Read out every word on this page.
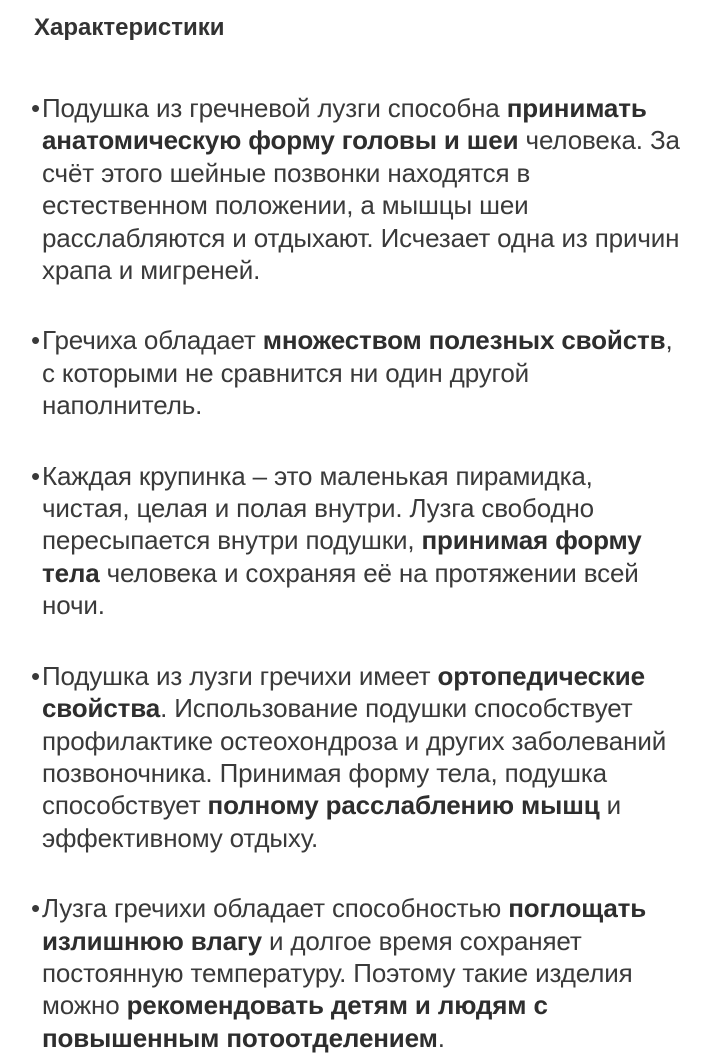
Характеристики

• Подушка из гречневой лузги способна принимать анатомическую форму головы и шеи человека. За счёт этого шейные позвонки находятся в естественном положении, а мышцы шеи расслабляются и отдыхают. Исчезает одна из причин храпа и мигреней.

• Гречиха обладает множеством полезных свойств, с которыми не сравнится ни один другой наполнитель.

• Каждая крупинка – это маленькая пирамидка, чистая, целая и полая внутри. Лузга свободно пересыпается внутри подушки, принимая форму тела человека и сохраняя её на протяжении всей ночи.

• Подушка из лузги гречихи имеет ортопедические свойства. Использование подушки способствует профилактике остеохондроза и других заболеваний позвоночника. Принимая форму тела, подушка способствует полному расслаблению мышц и эффективному отдыху.

• Лузга гречихи обладает способностью поглощать излишнюю влагу и долгое время сохраняет постоянную температуру. Поэтому такие изделия можно рекомендовать детям и людям с повышенным потоотделением.
